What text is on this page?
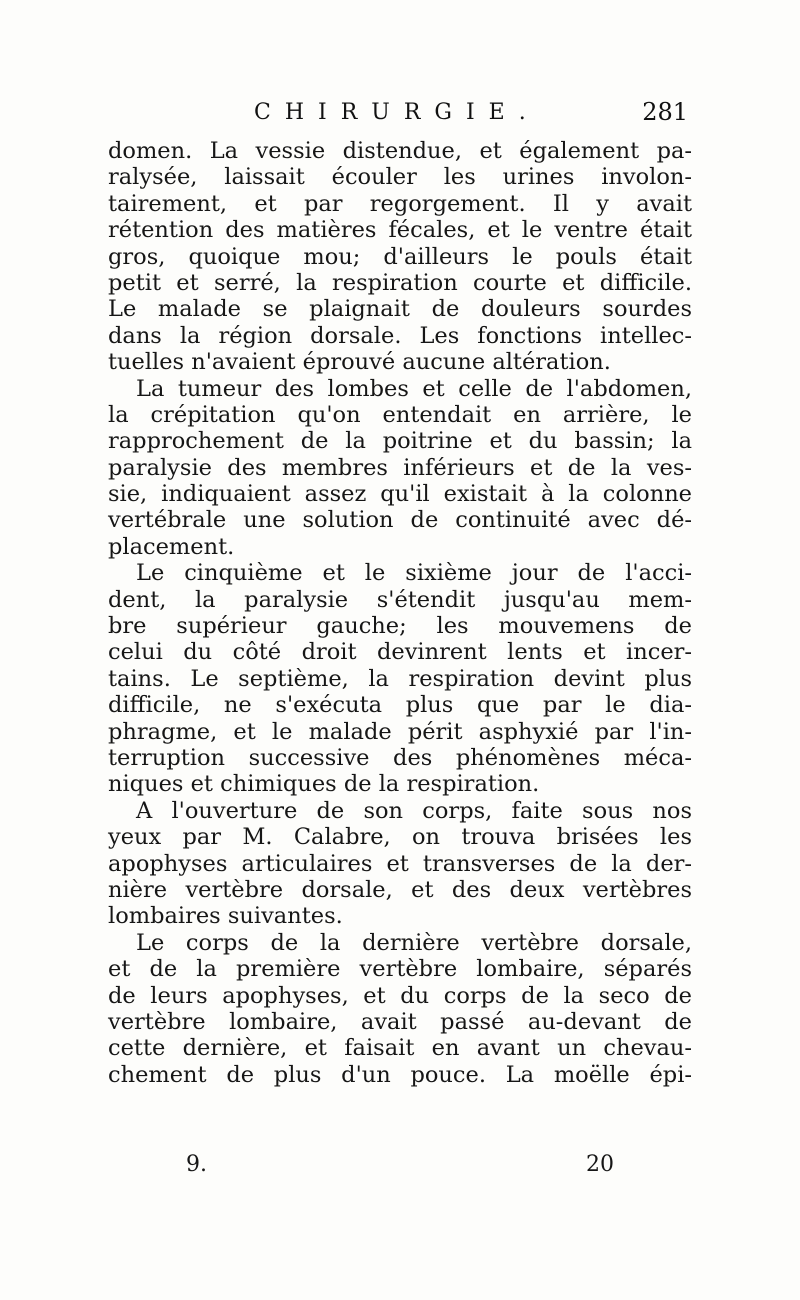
CHIRURGIE.	281
domen. La vessie distendue, et également pa-
ralysée, laissait écouler les urines involon-
tairement, et par regorgement. Il y avait
rétention des matières fécales, et le ventre était
gros, quoique mou; d'ailleurs le pouls était
petit et serré, la respiration courte et difficile.
Le malade se plaignait de douleurs sourdes
dans la région dorsale. Les fonctions intellec-
tuelles n'avaient éprouvé aucune altération.
La tumeur des lombes et celle de l'abdomen,
la crépitation qu'on entendait en arrière, le
rapprochement de la poitrine et du bassin; la
paralysie des membres inférieurs et de la ves-
sie, indiquaient assez qu'il existait à la colonne
vertébrale une solution de continuité avec dé-
placement.
Le cinquième et le sixième jour de l'acci-
dent, la paralysie s'étendit jusqu'au mem-
bre supérieur gauche; les mouvemens de
celui du côté droit devinrent lents et incer-
tains. Le septième, la respiration devint plus
difficile, ne s'exécuta plus que par le dia-
phragme, et le malade périt asphyxié par l'in-
terruption successive des phénomènes méca-
niques et chimiques de la respiration.
A l'ouverture de son corps, faite sous nos
yeux par M. Calabre, on trouva brisées les
apophyses articulaires et transverses de la der-
nière vertèbre dorsale, et des deux vertèbres
lombaires suivantes.
Le corps de la dernière vertèbre dorsale,
et de la première vertèbre lombaire, séparés
de leurs apophyses, et du corps de la seco de
vertèbre lombaire, avait passé au-devant de
cette dernière, et faisait en avant un chevau-
chement de plus d'un pouce. La moëlle épi-
9.	20
